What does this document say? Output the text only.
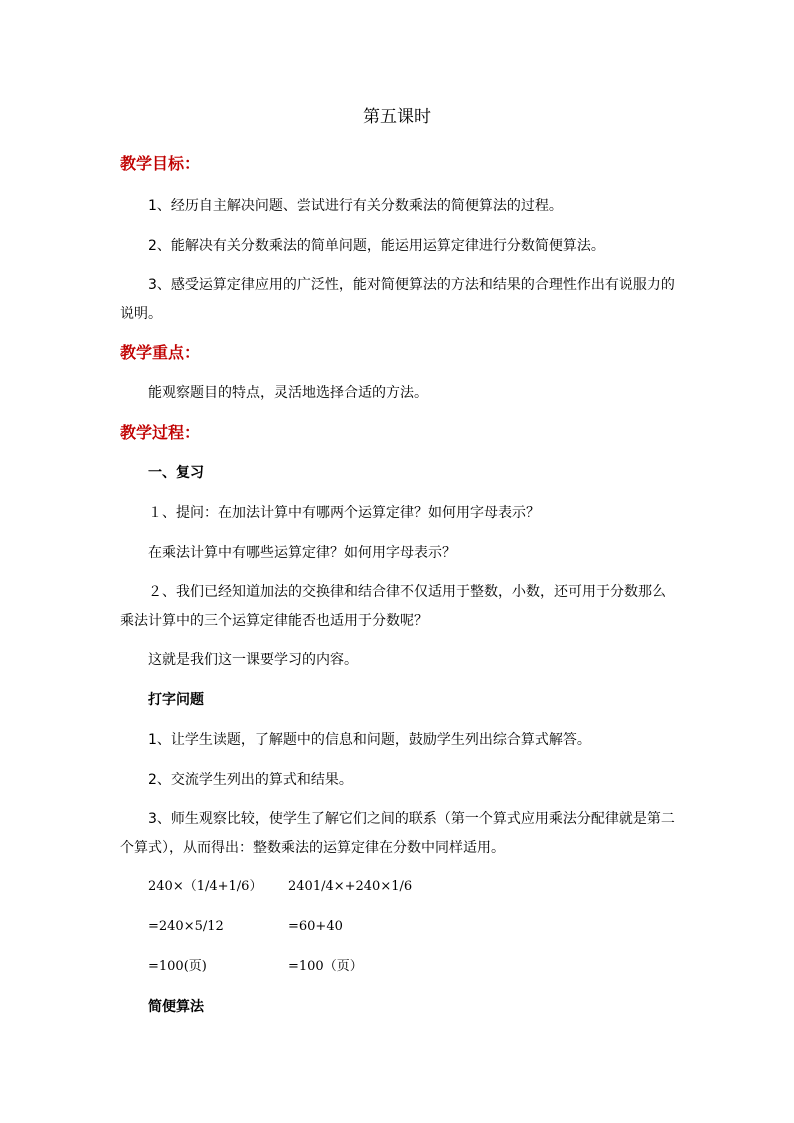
第五课时
教学目标：
1、经历自主解决问题、尝试进行有关分数乘法的简便算法的过程。
2、能解决有关分数乘法的简单问题，能运用运算定律进行分数简便算法。
3、感受运算定律应用的广泛性，能对简便算法的方法和结果的合理性作出有说服力的说明。
教学重点：
能观察题目的特点，灵活地选择合适的方法。
教学过程：
一、复习
１、提问：在加法计算中有哪两个运算定律？如何用字母表示？
在乘法计算中有哪些运算定律？如何用字母表示？
２、我们已经知道加法的交换律和结合律不仅适用于整数，小数，还可用于分数那么乘法计算中的三个运算定律能否也适用于分数呢？
这就是我们这一课要学习的内容。
打字问题
1、让学生读题，了解题中的信息和问题，鼓励学生列出综合算式解答。
2、交流学生列出的算式和结果。
3、师生观察比较，使学生了解它们之间的联系（第一个算式应用乘法分配律就是第二个算式），从而得出：整数乘法的运算定律在分数中同样适用。
240×（1/4+1/6） 2401/4×+240×1/6
=240×5/12	=60+40
=100(页)	=100（页）
简便算法
